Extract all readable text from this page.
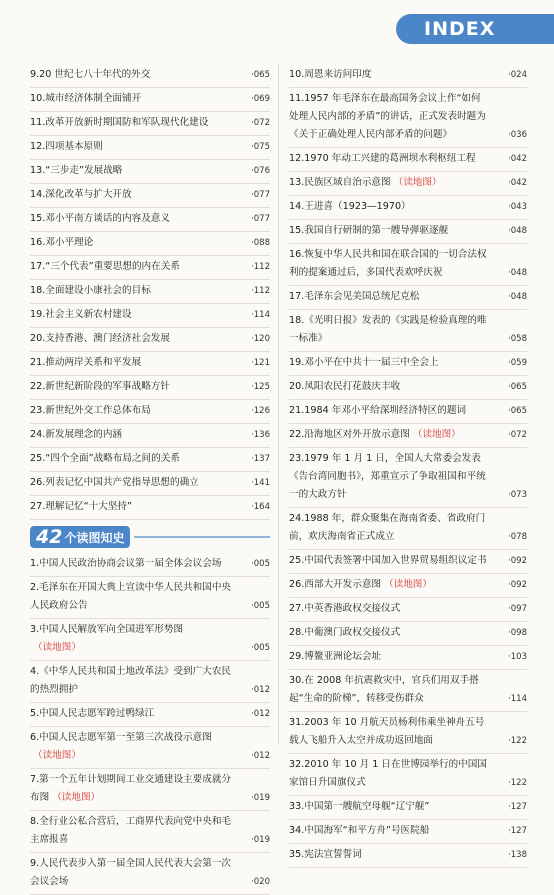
INDEX
9.20 世纪七八十年代的外交	·065
10.城市经济体制全面铺开	·069
11.改革开放新时期国防和军队现代化建设	·072
12.四项基本原则	·075
13.“三步走”发展战略	·076
14.深化改革与扩大开放	·077
15.邓小平南方谈话的内容及意义	·077
16.邓小平理论	·088
17.“三个代表”重要思想的内在关系	·112
18.全面建设小康社会的目标	·112
19.社会主义新农村建设	·114
20.支持香港、澳门经济社会发展	·120
21.推动两岸关系和平发展	·121
22.新世纪新阶段的军事战略方针	·125
23.新世纪外交工作总体布局	·126
24.新发展理念的内涵	·136
25.“四个全面”战略布局之间的关系	·137
26.列表记忆中国共产党指导思想的确立	·141
27.理解记忆“十大坚持”	·164
42 个读图知史
1.中国人民政治协商会议第一届全体会议会场	·005
2.毛泽东在开国大典上宣读中华人民共和国中央人民政府公告	·005
3.中国人民解放军向全国进军形势图（读地图）	·005
4.《中华人民共和国土地改革法》受到广大农民的热烈拥护	·012
5.中国人民志愿军跨过鸭绿江	·012
6.中国人民志愿军第一至第三次战役示意图（读地图）	·012
7.第一个五年计划期间工业交通建设主要成就分布图 （读地图）	·019
8.全行业公私合营后，工商界代表向党中央和毛主席报喜	·019
9.人民代表步入第一届全国人民代表大会第一次会议会场	·020
10.周恩来访问印度	·024
11.1957 年毛泽东在最高国务会议上作“如何处理人民内部的矛盾”的讲话，正式发表时题为《关于正确处理人民内部矛盾的问题》	·036
12.1970 年动工兴建的葛洲坝水利枢纽工程	·042
13.民族区域自治示意图 （读地图）	·042
14.王进喜（1923—1970）	·043
15.我国自行研制的第一艘导弹驱逐舰	·048
16.恢复中华人民共和国在联合国的一切合法权利的提案通过后，多国代表欢呼庆祝	·048
17.毛泽东会见美国总统尼克松	·048
18.《光明日报》发表的《实践是检验真理的唯一标准》	·058
19.邓小平在中共十一届三中全会上	·059
20.凤阳农民打花鼓庆丰收	·065
21.1984 年邓小平给深圳经济特区的题词	·065
22.沿海地区对外开放示意图 （读地图）	·072
23.1979 年 1 月 1 日，全国人大常委会发表《告台湾同胞书》，郑重宣示了争取祖国和平统一的大政方针	·073
24.1988 年，群众聚集在海南省委、省政府门前，欢庆海南省正式成立	·078
25.中国代表签署中国加入世界贸易组织议定书	·092
26.西部大开发示意图 （读地图）	·092
27.中英香港政权交接仪式	·097
28.中葡澳门政权交接仪式	·098
29.博鳌亚洲论坛会址	·103
30.在 2008 年抗震救灾中，官兵们用双手搭起“生命的阶梯”，转移受伤群众	·114
31.2003 年 10 月航天员杨利伟乘坐神舟五号载人飞船升入太空并成功返回地面	·122
32.2010 年 10 月 1 日在世博园举行的中国国家馆日升国旗仪式	·122
33.中国第一艘航空母舰“辽宁舰”	·127
34.中国海军“和平方舟”号医院船	·127
35.宪法宣誓誓词	·138
